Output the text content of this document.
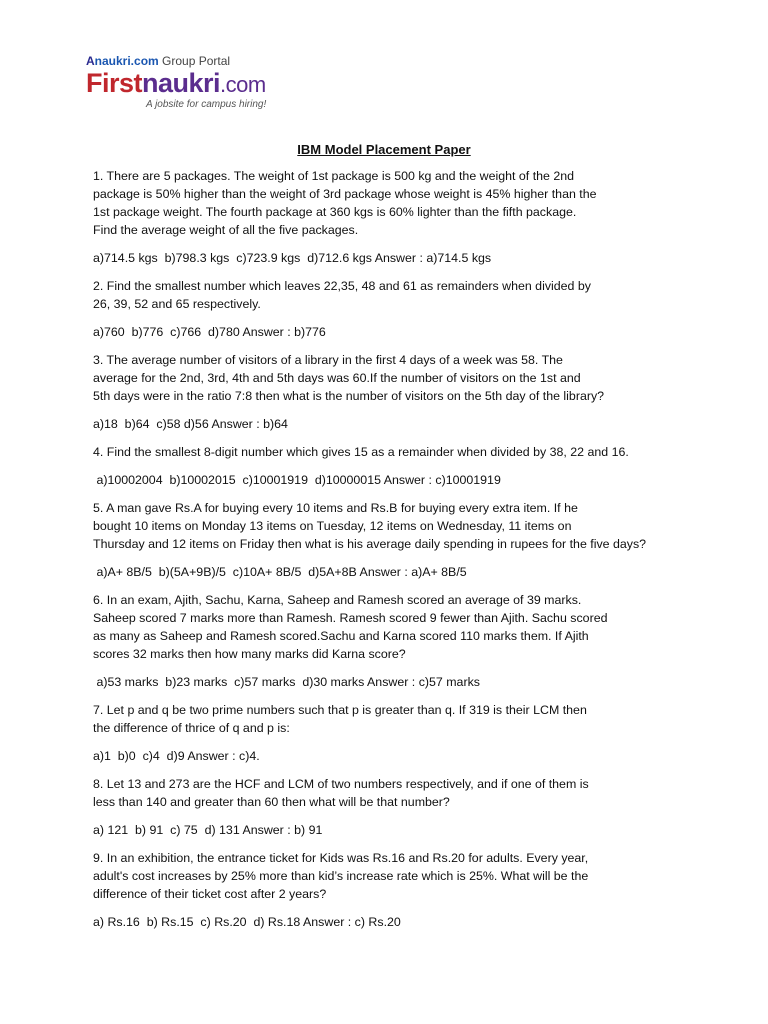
Anaukri.com Group Portal
Firstnaukri.com
A jobsite for campus hiring!
IBM Model Placement Paper
1. There are 5 packages. The weight of 1st package is 500 kg and the weight of the 2nd
package is 50% higher than the weight of 3rd package whose weight is 45% higher than the
1st package weight. The fourth package at 360 kgs is 60% lighter than the fifth package.
Find the average weight of all the five packages.
a)714.5 kgs  b)798.3 kgs  c)723.9 kgs  d)712.6 kgs Answer : a)714.5 kgs
2. Find the smallest number which leaves 22,35, 48 and 61 as remainders when divided by
26, 39, 52 and 65 respectively.
a)760  b)776  c)766  d)780 Answer : b)776
3. The average number of visitors of a library in the first 4 days of a week was 58. The
average for the 2nd, 3rd, 4th and 5th days was 60.If the number of visitors on the 1st and
5th days were in the ratio 7:8 then what is the number of visitors on the 5th day of the library?
a)18  b)64  c)58 d)56 Answer : b)64
4. Find the smallest 8-digit number which gives 15 as a remainder when divided by 38, 22 and 16.
a)10002004  b)10002015  c)10001919  d)10000015 Answer : c)10001919
5. A man gave Rs.A for buying every 10 items and Rs.B for buying every extra item. If he
bought 10 items on Monday 13 items on Tuesday, 12 items on Wednesday, 11 items on
Thursday and 12 items on Friday then what is his average daily spending in rupees for the five days?
a)A+ 8B/5  b)(5A+9B)/5  c)10A+ 8B/5  d)5A+8B Answer : a)A+ 8B/5
6. In an exam, Ajith, Sachu, Karna, Saheep and Ramesh scored an average of 39 marks.
Saheep scored 7 marks more than Ramesh. Ramesh scored 9 fewer than Ajith. Sachu scored
as many as Saheep and Ramesh scored.Sachu and Karna scored 110 marks them. If Ajith
scores 32 marks then how many marks did Karna score?
a)53 marks  b)23 marks  c)57 marks  d)30 marks Answer : c)57 marks
7. Let p and q be two prime numbers such that p is greater than q. If 319 is their LCM then
the difference of thrice of q and p is:
a)1  b)0  c)4  d)9 Answer : c)4.
8. Let 13 and 273 are the HCF and LCM of two numbers respectively, and if one of them is
less than 140 and greater than 60 then what will be that number?
a) 121  b) 91  c) 75  d) 131 Answer : b) 91
9. In an exhibition, the entrance ticket for Kids was Rs.16 and Rs.20 for adults. Every year,
adult's cost increases by 25% more than kid’s increase rate which is 25%. What will be the
difference of their ticket cost after 2 years?
a) Rs.16  b) Rs.15  c) Rs.20  d) Rs.18 Answer : c) Rs.20
